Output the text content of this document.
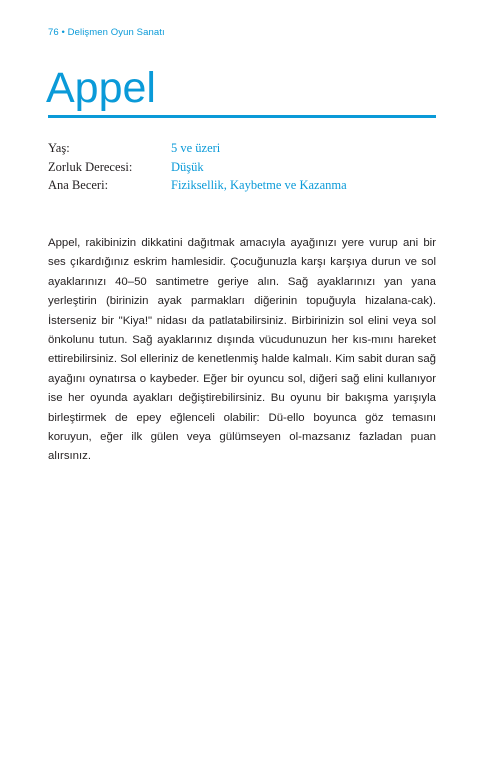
76 • Delişmen Oyun Sanatı
Appel
Yaş:	5 ve üzeri
Zorluk Derecesi:	Düşük
Ana Beceri:	Fiziksellik, Kaybetme ve Kazanma

Appel, rakibinizin dikkatini dağıtmak amacıyla ayağınızı yere vurup ani bir ses çıkardığınız eskrim hamlesidir. Çocuğunuzla karşı karşıya durun ve sol ayaklarınızı 40–50 santimetre geriye alın. Sağ ayaklarınızı yan yana yerleştirin (birinizin ayak parmakları diğerinin topuğuyla hizalana-cak). İsterseniz bir "Kiya!" nidası da patlatabilirsiniz. Birbirinizin sol elini veya sol önkolunu tutun. Sağ ayaklarınız dışında vücudunuzun her kıs-mını hareket ettirebilirsiniz. Sol elleriniz de kenetlenmiş halde kalmalı. Kim sabit duran sağ ayağını oynatırsa o kaybeder. Eğer bir oyuncu sol, diğeri sağ elini kullanıyor ise her oyunda ayakları değiştirebilirsiniz. Bu oyunu bir bakışma yarışıyla birleştirmek de epey eğlenceli olabilir: Dü-ello boyunca göz temasını koruyun, eğer ilk gülen veya gülümseyen ol-mazsanız fazladan puan alırsınız.
